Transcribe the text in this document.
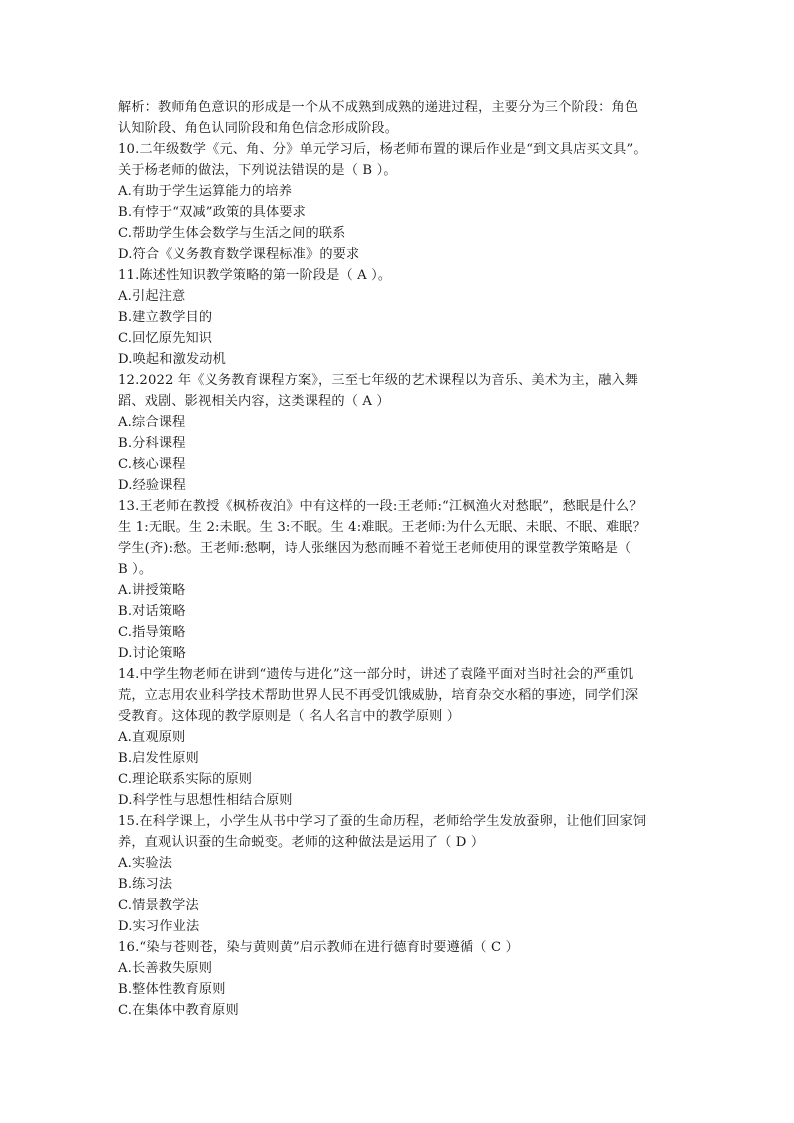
解析：教师角色意识的形成是一个从不成熟到成熟的递进过程，主要分为三个阶段：角色
认知阶段、角色认同阶段和角色信念形成阶段。
10.二年级数学《元、角、分》单元学习后，杨老师布置的课后作业是“到文具店买文具”。
关于杨老师的做法，下列说法错误的是（ B ）。
A.有助于学生运算能力的培养
B.有悖于“双减”政策的具体要求
C.帮助学生体会数学与生活之间的联系
D.符合《义务教育数学课程标准》的要求
11.陈述性知识教学策略的第一阶段是（ A ）。
A.引起注意
B.建立教学目的
C.回忆原先知识
D.唤起和激发动机
12.2022 年《义务教育课程方案》，三至七年级的艺术课程以为音乐、美术为主，融入舞
蹈、戏剧、影视相关内容，这类课程的（ A ）
A.综合课程
B.分科课程
C.核心课程
D.经验课程
13.王老师在教授《枫桥夜泊》中有这样的一段:王老师:“江枫渔火对愁眠”，愁眠是什么？
生 1:无眠。生 2:未眠。生 3:不眠。生 4:难眠。王老师:为什么无眠、未眠、不眠、难眠？
学生(齐):愁。王老师:愁啊，诗人张继因为愁而睡不着觉王老师使用的课堂教学策略是（
B ）。
A.讲授策略
B.对话策略
C.指导策略
D.讨论策略
14.中学生物老师在讲到“遗传与进化”这一部分时，讲述了袁隆平面对当时社会的严重饥
荒，立志用农业科学技术帮助世界人民不再受饥饿威胁，培育杂交水稻的事迹，同学们深
受教育。这体现的教学原则是（ 名人名言中的教学原则 ）
A.直观原则
B.启发性原则
C.理论联系实际的原则
D.科学性与思想性相结合原则
15.在科学课上，小学生从书中学习了蚕的生命历程，老师给学生发放蚕卵，让他们回家饲
养，直观认识蚕的生命蜕变。老师的这种做法是运用了（ D ）
A.实验法
B.练习法
C.情景教学法
D.实习作业法
16.“染与苍则苍，染与黄则黄”启示教师在进行德育时要遵循（ C ）
A.长善救失原则
B.整体性教育原则
C.在集体中教育原则
